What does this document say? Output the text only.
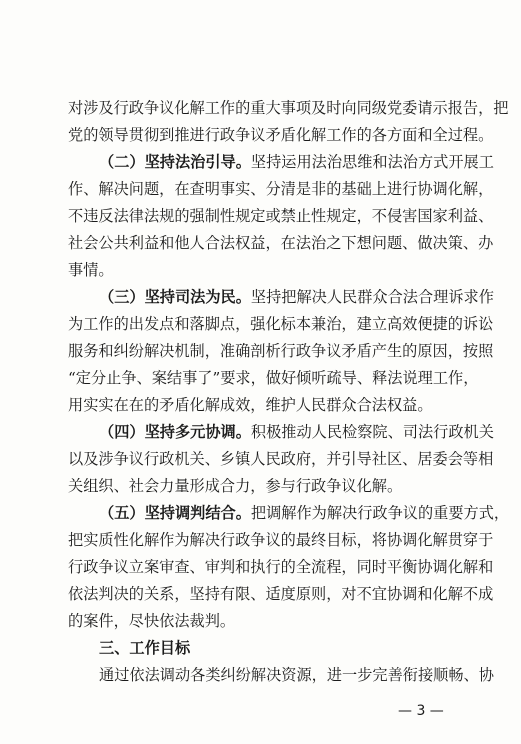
对涉及行政争议化解工作的重大事项及时向同级党委请示报告，把
党的领导贯彻到推进行政争议矛盾化解工作的各方面和全过程。
（二）坚持法治引导。坚持运用法治思维和法治方式开展工
作、解决问题，在查明事实、分清是非的基础上进行协调化解，
不违反法律法规的强制性规定或禁止性规定，不侵害国家利益、
社会公共利益和他人合法权益，在法治之下想问题、做决策、办
事情。
（三）坚持司法为民。坚持把解决人民群众合法合理诉求作
为工作的出发点和落脚点，强化标本兼治，建立高效便捷的诉讼
服务和纠纷解决机制，准确剖析行政争议矛盾产生的原因，按照
“定分止争、案结事了”要求，做好倾听疏导、释法说理工作，
用实实在在的矛盾化解成效，维护人民群众合法权益。
（四）坚持多元协调。积极推动人民检察院、司法行政机关
以及涉争议行政机关、乡镇人民政府，并引导社区、居委会等相
关组织、社会力量形成合力，参与行政争议化解。
（五）坚持调判结合。把调解作为解决行政争议的重要方式，
把实质性化解作为解决行政争议的最终目标，将协调化解贯穿于
行政争议立案审查、审判和执行的全流程，同时平衡协调化解和
依法判决的关系，坚持有限、适度原则，对不宜协调和化解不成
的案件，尽快依法裁判。
三、工作目标
通过依法调动各类纠纷解决资源，进一步完善衔接顺畅、协
— 3 —
